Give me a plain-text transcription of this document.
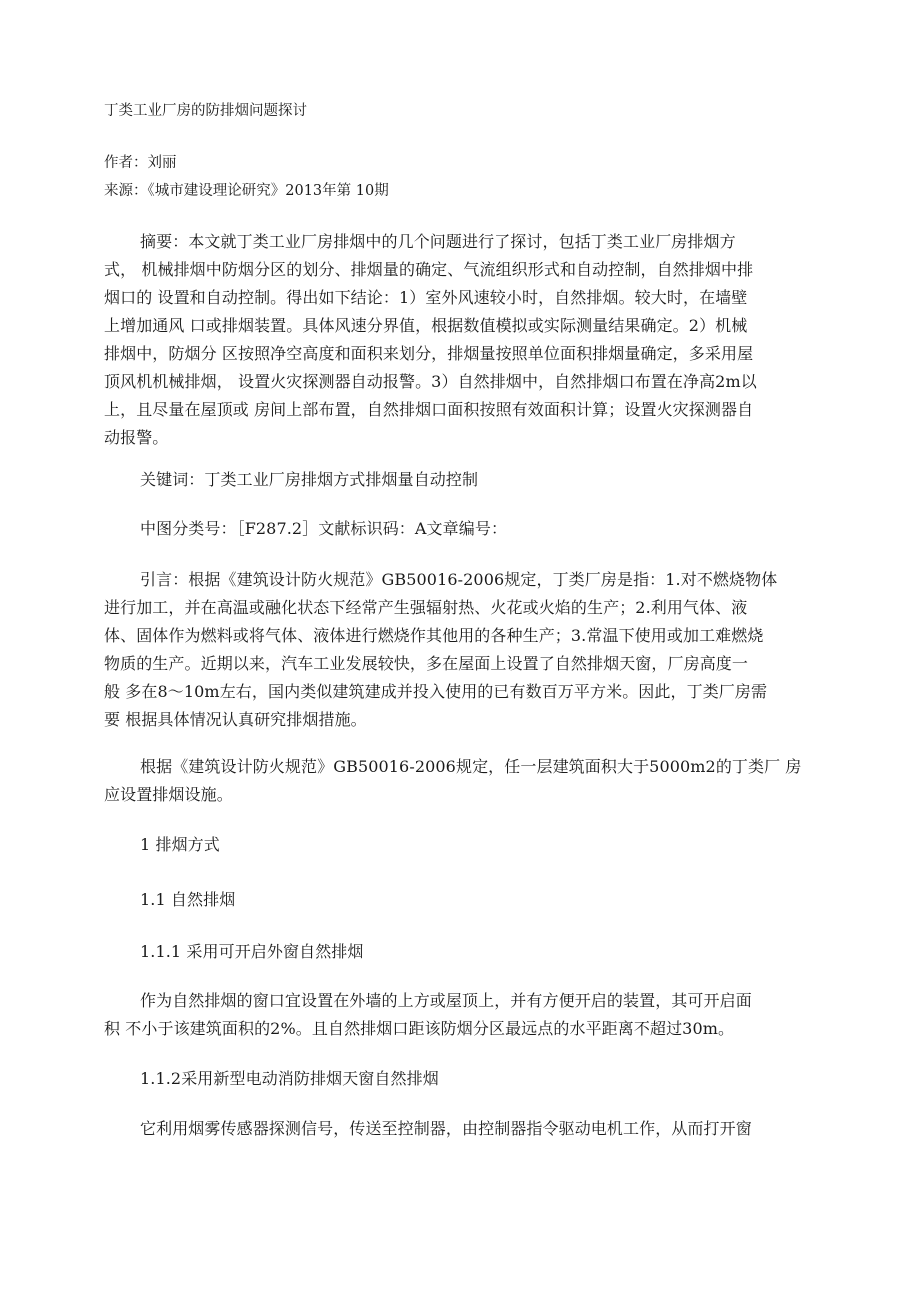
丁类工业厂房的防排烟问题探讨
作者：刘丽
来源：《城市建设理论研究》2013年第 10期
摘要：本文就丁类工业厂房排烟中的几个问题进行了探讨，包括丁类工业厂房排烟方
式， 机械排烟中防烟分区的划分、排烟量的确定、气流组织形式和自动控制，自然排烟中排
烟口的 设置和自动控制。得出如下结论：1）室外风速较小时，自然排烟。较大时，在墙壁
上增加通风 口或排烟装置。具体风速分界值，根据数值模拟或实际测量结果确定。2）机械
排烟中，防烟分 区按照净空高度和面积来划分，排烟量按照单位面积排烟量确定，多采用屋
顶风机机械排烟， 设置火灾探测器自动报警。3）自然排烟中，自然排烟口布置在净高2m以
上，且尽量在屋顶或 房间上部布置，自然排烟口面积按照有效面积计算；设置火灾探测器自
动报警。
关键词：丁类工业厂房排烟方式排烟量自动控制
中图分类号：［F287.2］文献标识码：A文章编号：
引言：根据《建筑设计防火规范》GB50016-2006规定，丁类厂房是指：1.对不燃烧物体
进行加工，并在高温或融化状态下经常产生强辐射热、火花或火焰的生产；2.利用气体、液
体、固体作为燃料或将气体、液体进行燃烧作其他用的各种生产；3.常温下使用或加工难燃烧
物质的生产。近期以来，汽车工业发展较快，多在屋面上设置了自然排烟天窗，厂房高度一
般 多在8〜10m左右，国内类似建筑建成并投入使用的已有数百万平方米。因此，丁类厂房需
要 根据具体情况认真研究排烟措施。
根据《建筑设计防火规范》GB50016-2006规定，任一层建筑面积大于5000m2的丁类厂 房
应设置排烟设施。
1 排烟方式
1.1 自然排烟
1.1.1 采用可开启外窗自然排烟
作为自然排烟的窗口宜设置在外墙的上方或屋顶上，并有方便开启的装置，其可开启面
积 不小于该建筑面积的2%。且自然排烟口距该防烟分区最远点的水平距离不超过30m。
1.1.2采用新型电动消防排烟天窗自然排烟
它利用烟雾传感器探测信号，传送至控制器，由控制器指令驱动电机工作，从而打开窗
